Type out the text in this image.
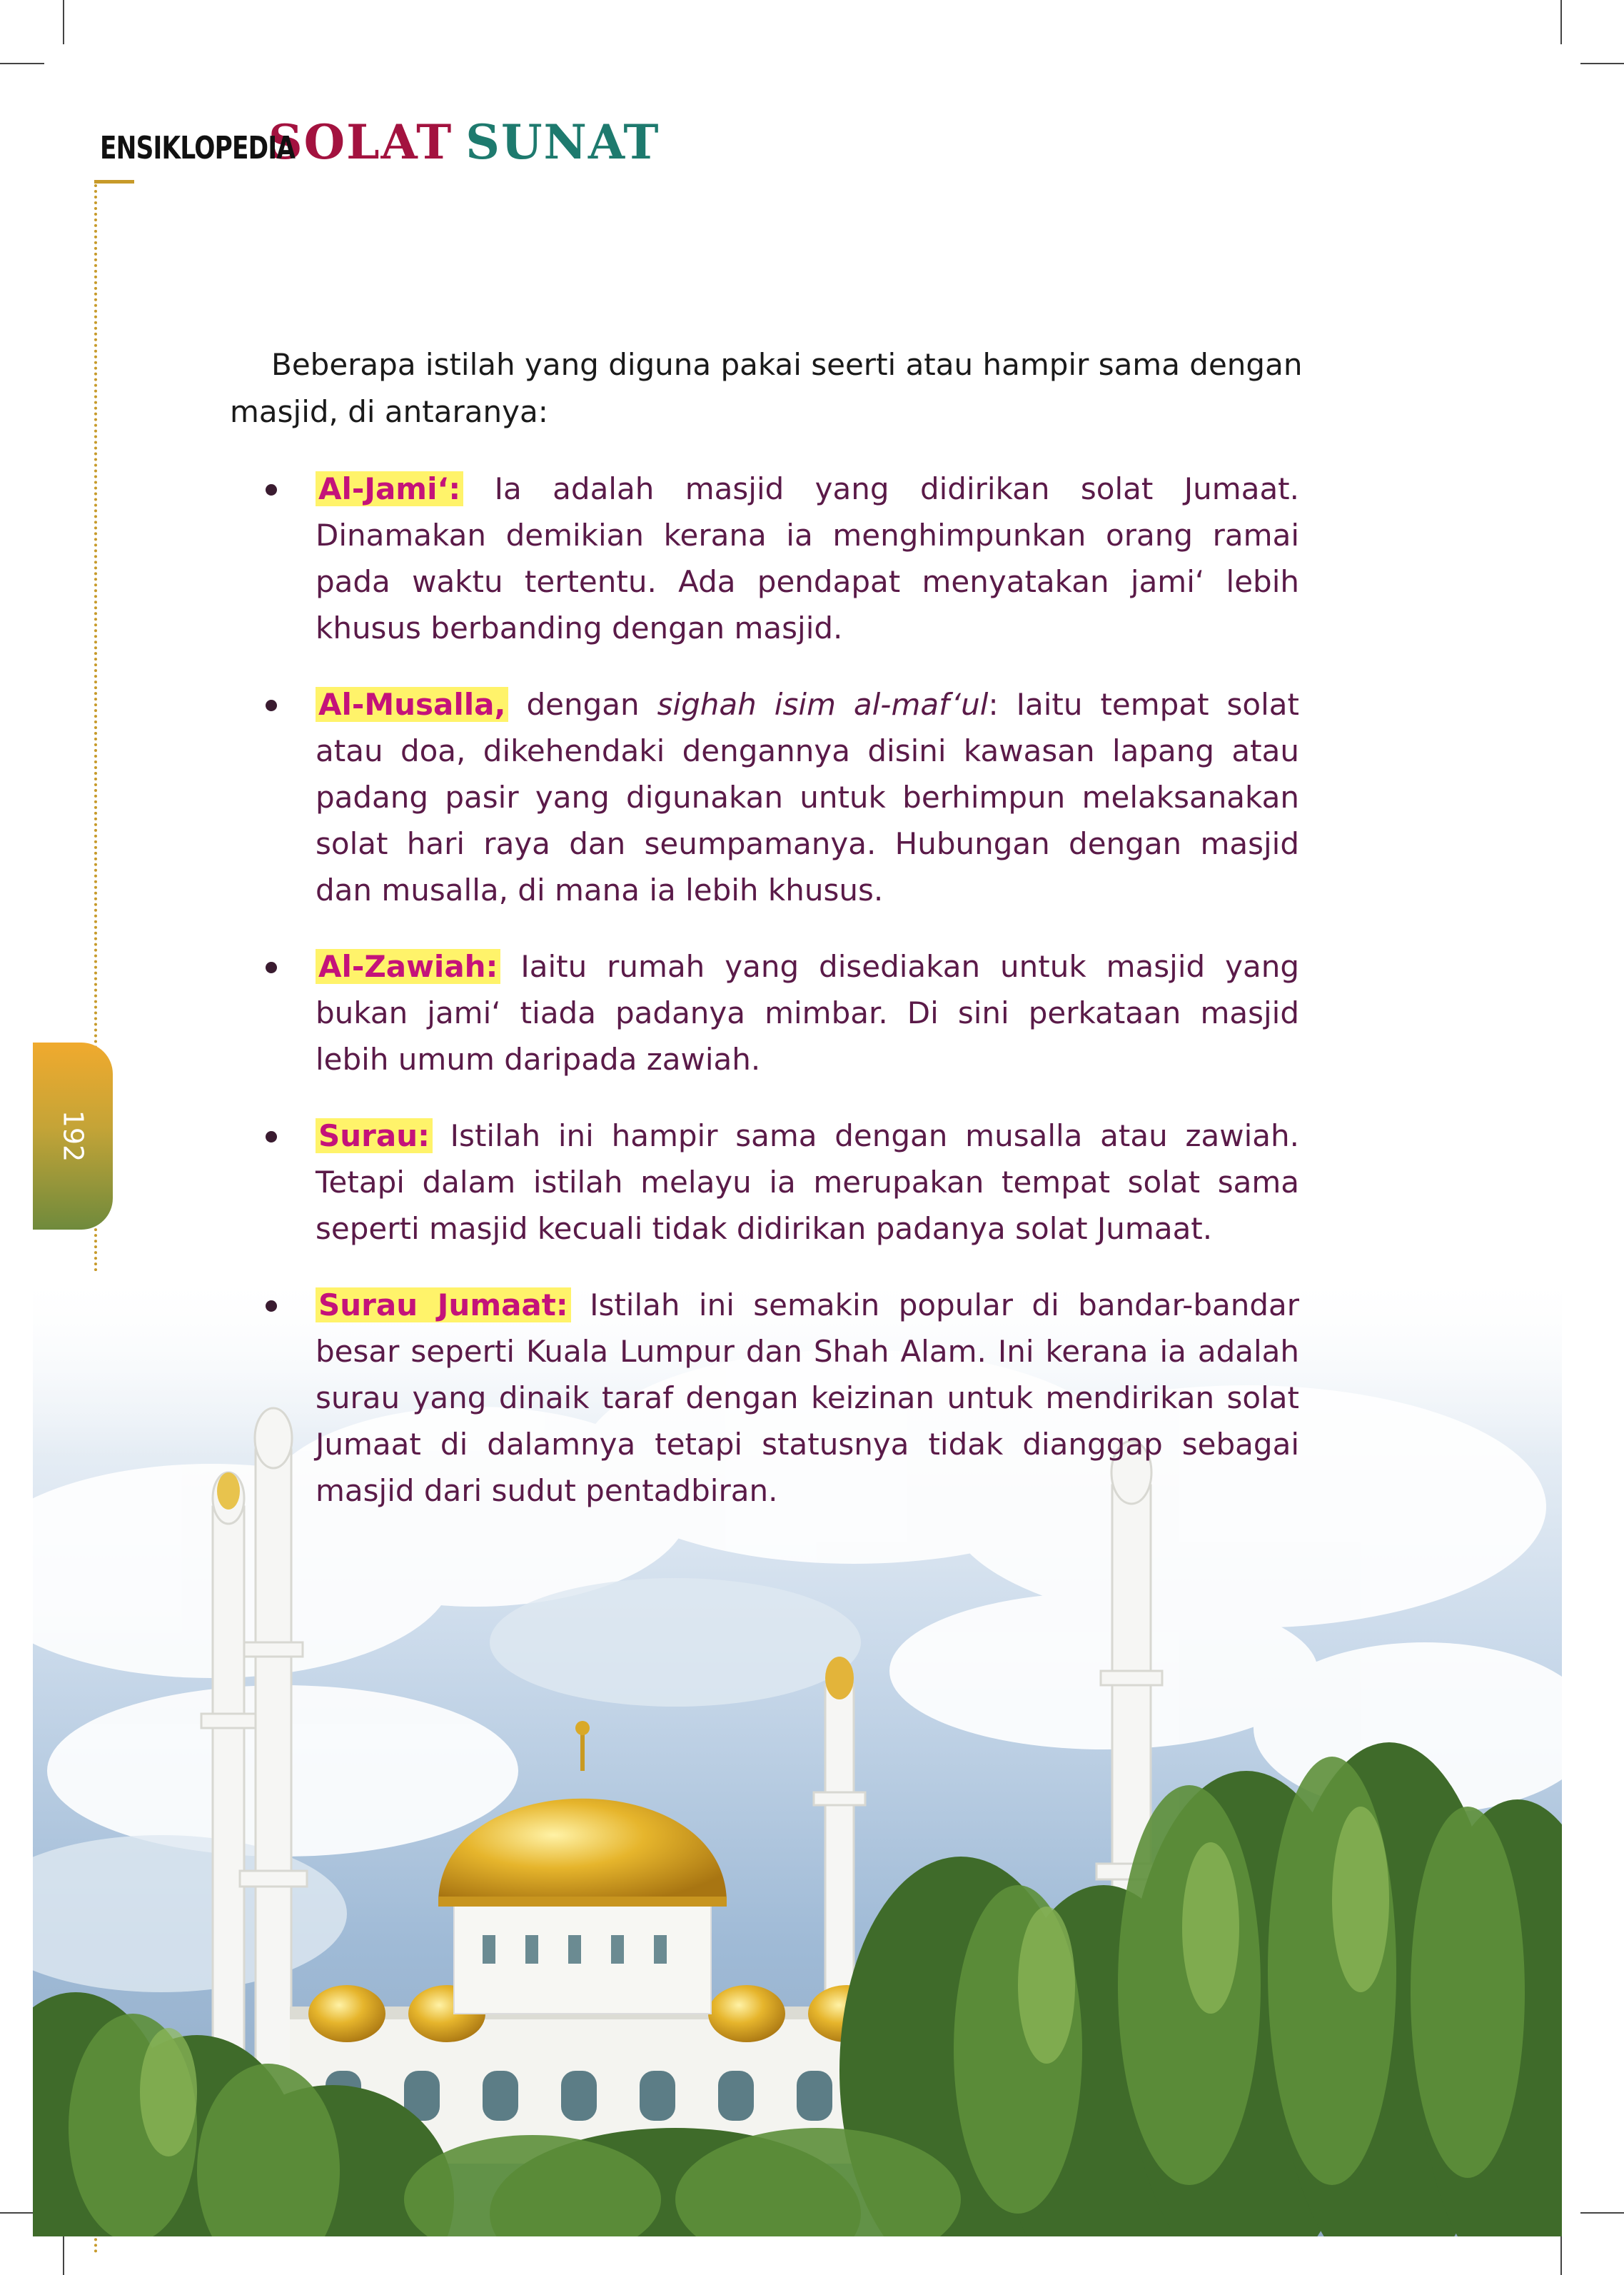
ENSIKLOPEDIA
SOLAT SUNAT
192
Beberapa istilah yang diguna pakai seerti atau hampir sama dengan masjid, di antaranya:
Al-Jami‘: Ia adalah masjid yang didirikan solat Jumaat. Dinamakan demikian kerana ia menghimpunkan orang ramai pada waktu tertentu. Ada pendapat menyatakan jami‘ lebih khusus berbanding dengan masjid.
Al-Musalla, dengan sighah isim al-maf‘ul: Iaitu tempat solat atau doa, dikehendaki dengannya disini kawasan lapang atau padang pasir yang digunakan untuk berhimpun melaksanakan solat hari raya dan seumpamanya. Hubungan dengan masjid dan musalla, di mana ia lebih khusus.
Al-Zawiah: Iaitu rumah yang disediakan untuk masjid yang bukan jami‘ tiada padanya mimbar. Di sini perkataan masjid lebih umum daripada zawiah.
Surau: Istilah ini hampir sama dengan musalla atau zawiah. Tetapi dalam istilah melayu ia merupakan tempat solat sama seperti masjid kecuali tidak didirikan padanya solat Jumaat.
Surau Jumaat: Istilah ini semakin popular di bandar-bandar besar seperti Kuala Lumpur dan Shah Alam. Ini kerana ia adalah surau yang dinaik taraf dengan keizinan untuk mendirikan solat Jumaat di dalamnya tetapi statusnya tidak dianggap sebagai masjid dari sudut pentadbiran.
